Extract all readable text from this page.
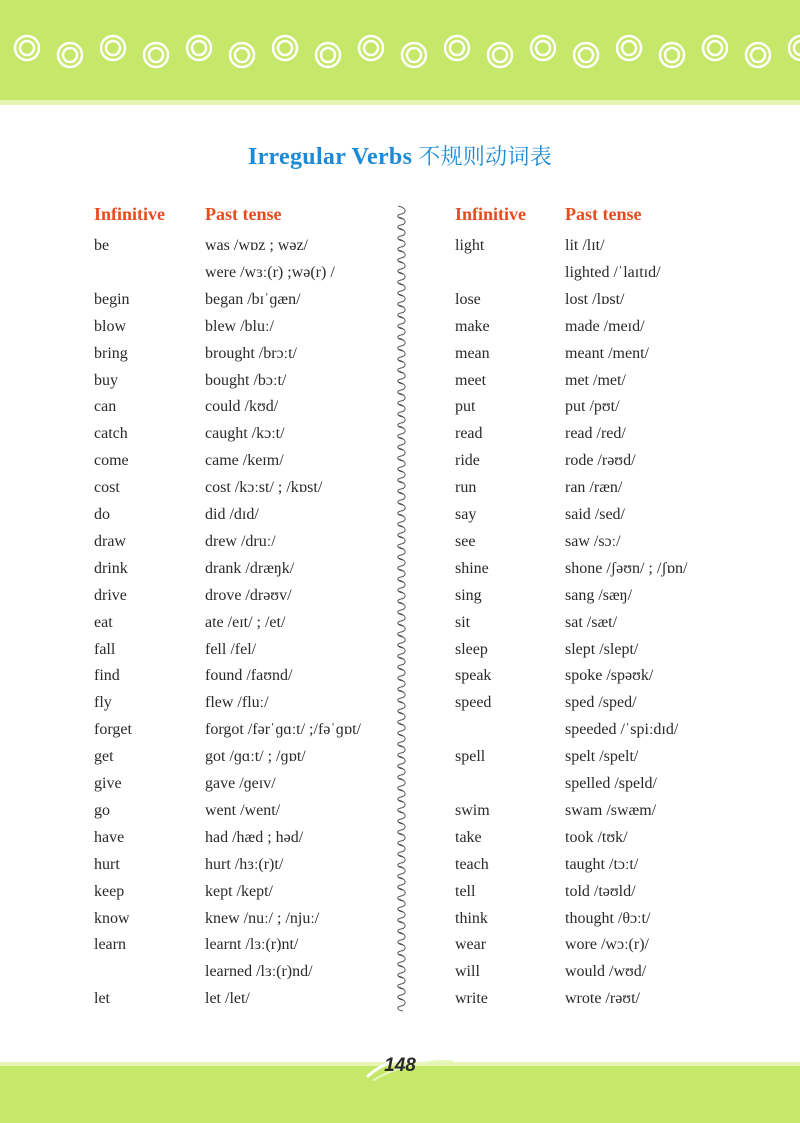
Irregular Verbs 不规则动词表
Infinitive Past tense	Infinitive Past tense
be	was /wɒz ; wəz/
were /wɜː(r) ;wə(r) /
begin	began /bɪˈɡæn/
blow	blew /bluː/
bring	brought /brɔːt/
buy	bought /bɔːt/
can	could /kʊd/
catch	caught /kɔːt/
come	came /keɪm/
cost	cost /kɔːst/ ; /kɒst/
do	did /dɪd/
draw	drew /druː/
drink	drank /dræŋk/
drive	drove /drəʊv/
eat	ate /eɪt/ ; /et/
fall	fell /fel/
find	found /faʊnd/
fly	flew /fluː/
forget	forgot /fərˈɡɑːt/ ;/fəˈɡɒt/
get	got /ɡɑːt/ ; /ɡɒt/
give	gave /ɡeɪv/
go	went /went/
have	had /hæd ; həd/
hurt	hurt /hɜː(r)t/
keep	kept /kept/
know	knew /nuː/ ; /njuː/
learn	learnt /lɜː(r)nt/
learned /lɜː(r)nd/
let	let /let/
light	lit /lɪt/
lighted /ˈlaɪtɪd/
lose	lost /lɒst/
make	made /meɪd/
mean	meant /ment/
meet	met /met/
put	put /pʊt/
read	read /red/
ride	rode /rəʊd/
run	ran /ræn/
say	said /sed/
see	saw /sɔː/
shine	shone /ʃəʊn/ ; /ʃɒn/
sing	sang /sæŋ/
sit	sat /sæt/
sleep	slept /slept/
speak	spoke /spəʊk/
speed	sped /sped/
speeded /ˈspiːdɪd/
spell	spelt /spelt/
spelled /speld/
swim	swam /swæm/
take	took /tʊk/
teach	taught /tɔːt/
tell	told /təʊld/
think	thought /θɔːt/
wear	wore /wɔː(r)/
will	would /wʊd/
write	wrote /rəʊt/
148
